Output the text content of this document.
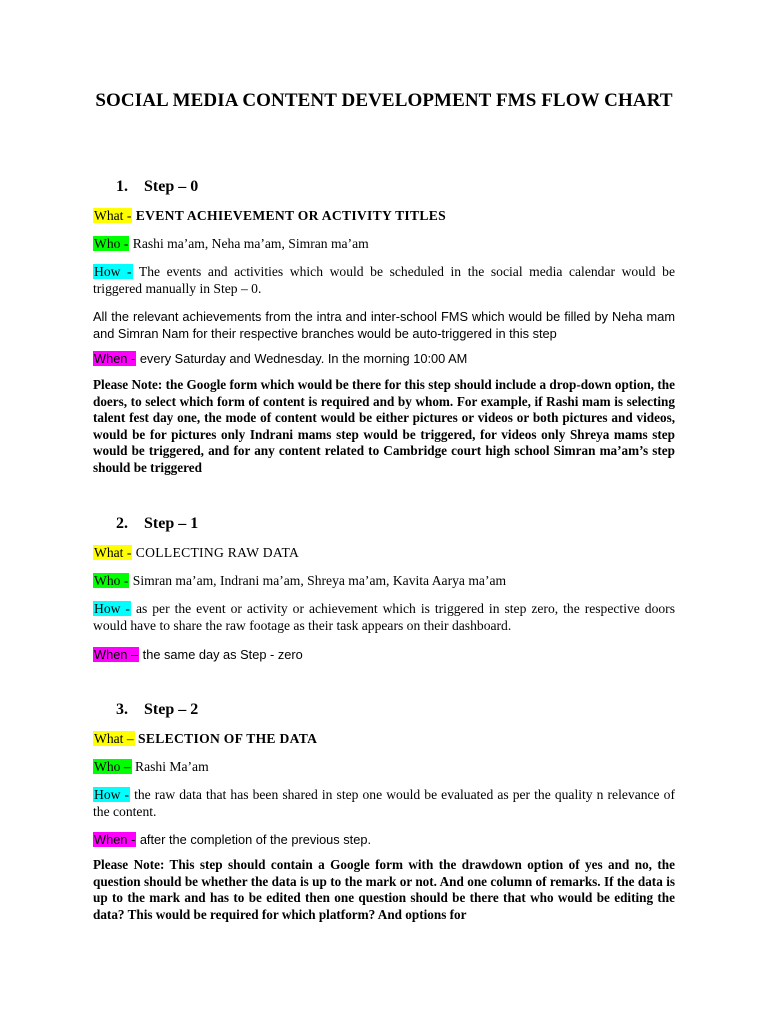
SOCIAL MEDIA CONTENT DEVELOPMENT FMS FLOW CHART
1. Step – 0
What - EVENT ACHIEVEMENT OR ACTIVITY TITLES
Who - Rashi ma’am, Neha ma’am, Simran ma’am
How - The events and activities which would be scheduled in the social media calendar would be triggered manually in Step – 0.
All the relevant achievements from the intra and inter-school FMS which would be filled by Neha mam and Simran Nam for their respective branches would be auto-triggered in this step
When - every Saturday and Wednesday. In the morning 10:00 AM
Please Note: the Google form which would be there for this step should include a drop-down option, the doers, to select which form of content is required and by whom. For example, if Rashi mam is selecting talent fest day one, the mode of content would be either pictures or videos or both pictures and videos, would be for pictures only Indrani mams step would be triggered, for videos only Shreya mams step would be triggered, and for any content related to Cambridge court high school Simran ma’am’s step should be triggered
2. Step – 1
What - COLLECTING RAW DATA
Who - Simran ma’am, Indrani ma’am, Shreya ma’am, Kavita Aarya ma’am
How - as per the event or activity or achievement which is triggered in step zero, the respective doors would have to share the raw footage as their task appears on their dashboard.
When – the same day as Step - zero
3. Step – 2
What – SELECTION OF THE DATA
Who – Rashi Ma’am
How - the raw data that has been shared in step one would be evaluated as per the quality n relevance of the content.
When - after the completion of the previous step.
Please Note: This step should contain a Google form with the drawdown option of yes and no, the question should be whether the data is up to the mark or not. And one column of remarks. If the data is up to the mark and has to be edited then one question should be there that who would be editing the data? This would be required for which platform? And options for
